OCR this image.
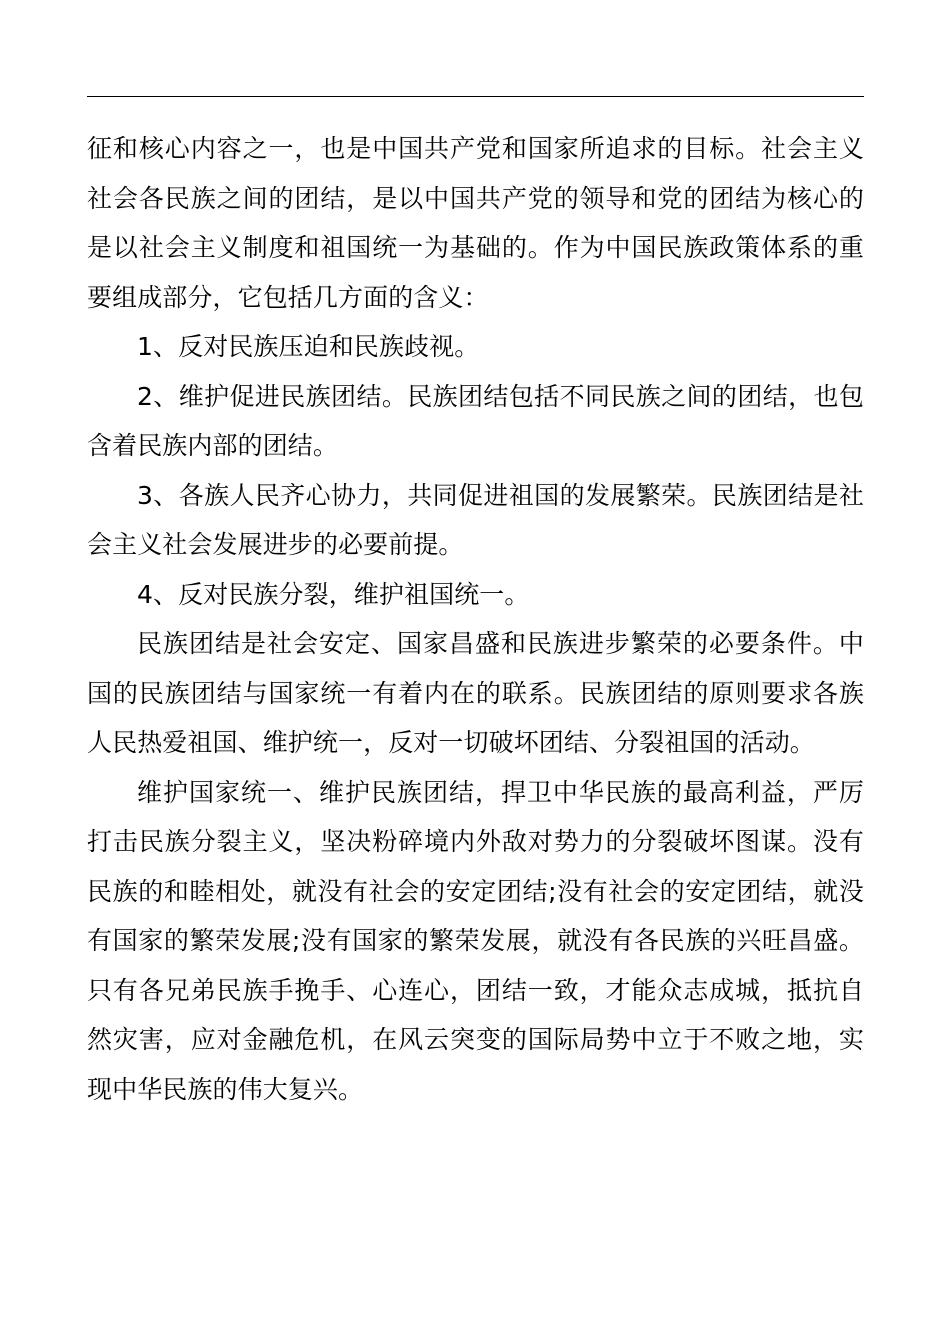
征和核心内容之一，也是中国共产党和国家所追求的目标。社会主义社会各民族之间的团结，是以中国共产党的领导和党的团结为核心的是以社会主义制度和祖国统一为基础的。作为中国民族政策体系的重要组成部分，它包括几方面的含义：

1、反对民族压迫和民族歧视。

2、维护促进民族团结。民族团结包括不同民族之间的团结，也包含着民族内部的团结。

3、各族人民齐心协力，共同促进祖国的发展繁荣。民族团结是社会主义社会发展进步的必要前提。

4、反对民族分裂，维护祖国统一。

民族团结是社会安定、国家昌盛和民族进步繁荣的必要条件。中国的民族团结与国家统一有着内在的联系。民族团结的原则要求各族人民热爱祖国、维护统一，反对一切破坏团结、分裂祖国的活动。

维护国家统一、维护民族团结，捍卫中华民族的最高利益，严厉打击民族分裂主义，坚决粉碎境内外敌对势力的分裂破坏图谋。没有民族的和睦相处，就没有社会的安定团结;没有社会的安定团结，就没有国家的繁荣发展;没有国家的繁荣发展，就没有各民族的兴旺昌盛。只有各兄弟民族手挽手、心连心，团结一致，才能众志成城，抵抗自然灾害，应对金融危机，在风云突变的国际局势中立于不败之地，实现中华民族的伟大复兴。
